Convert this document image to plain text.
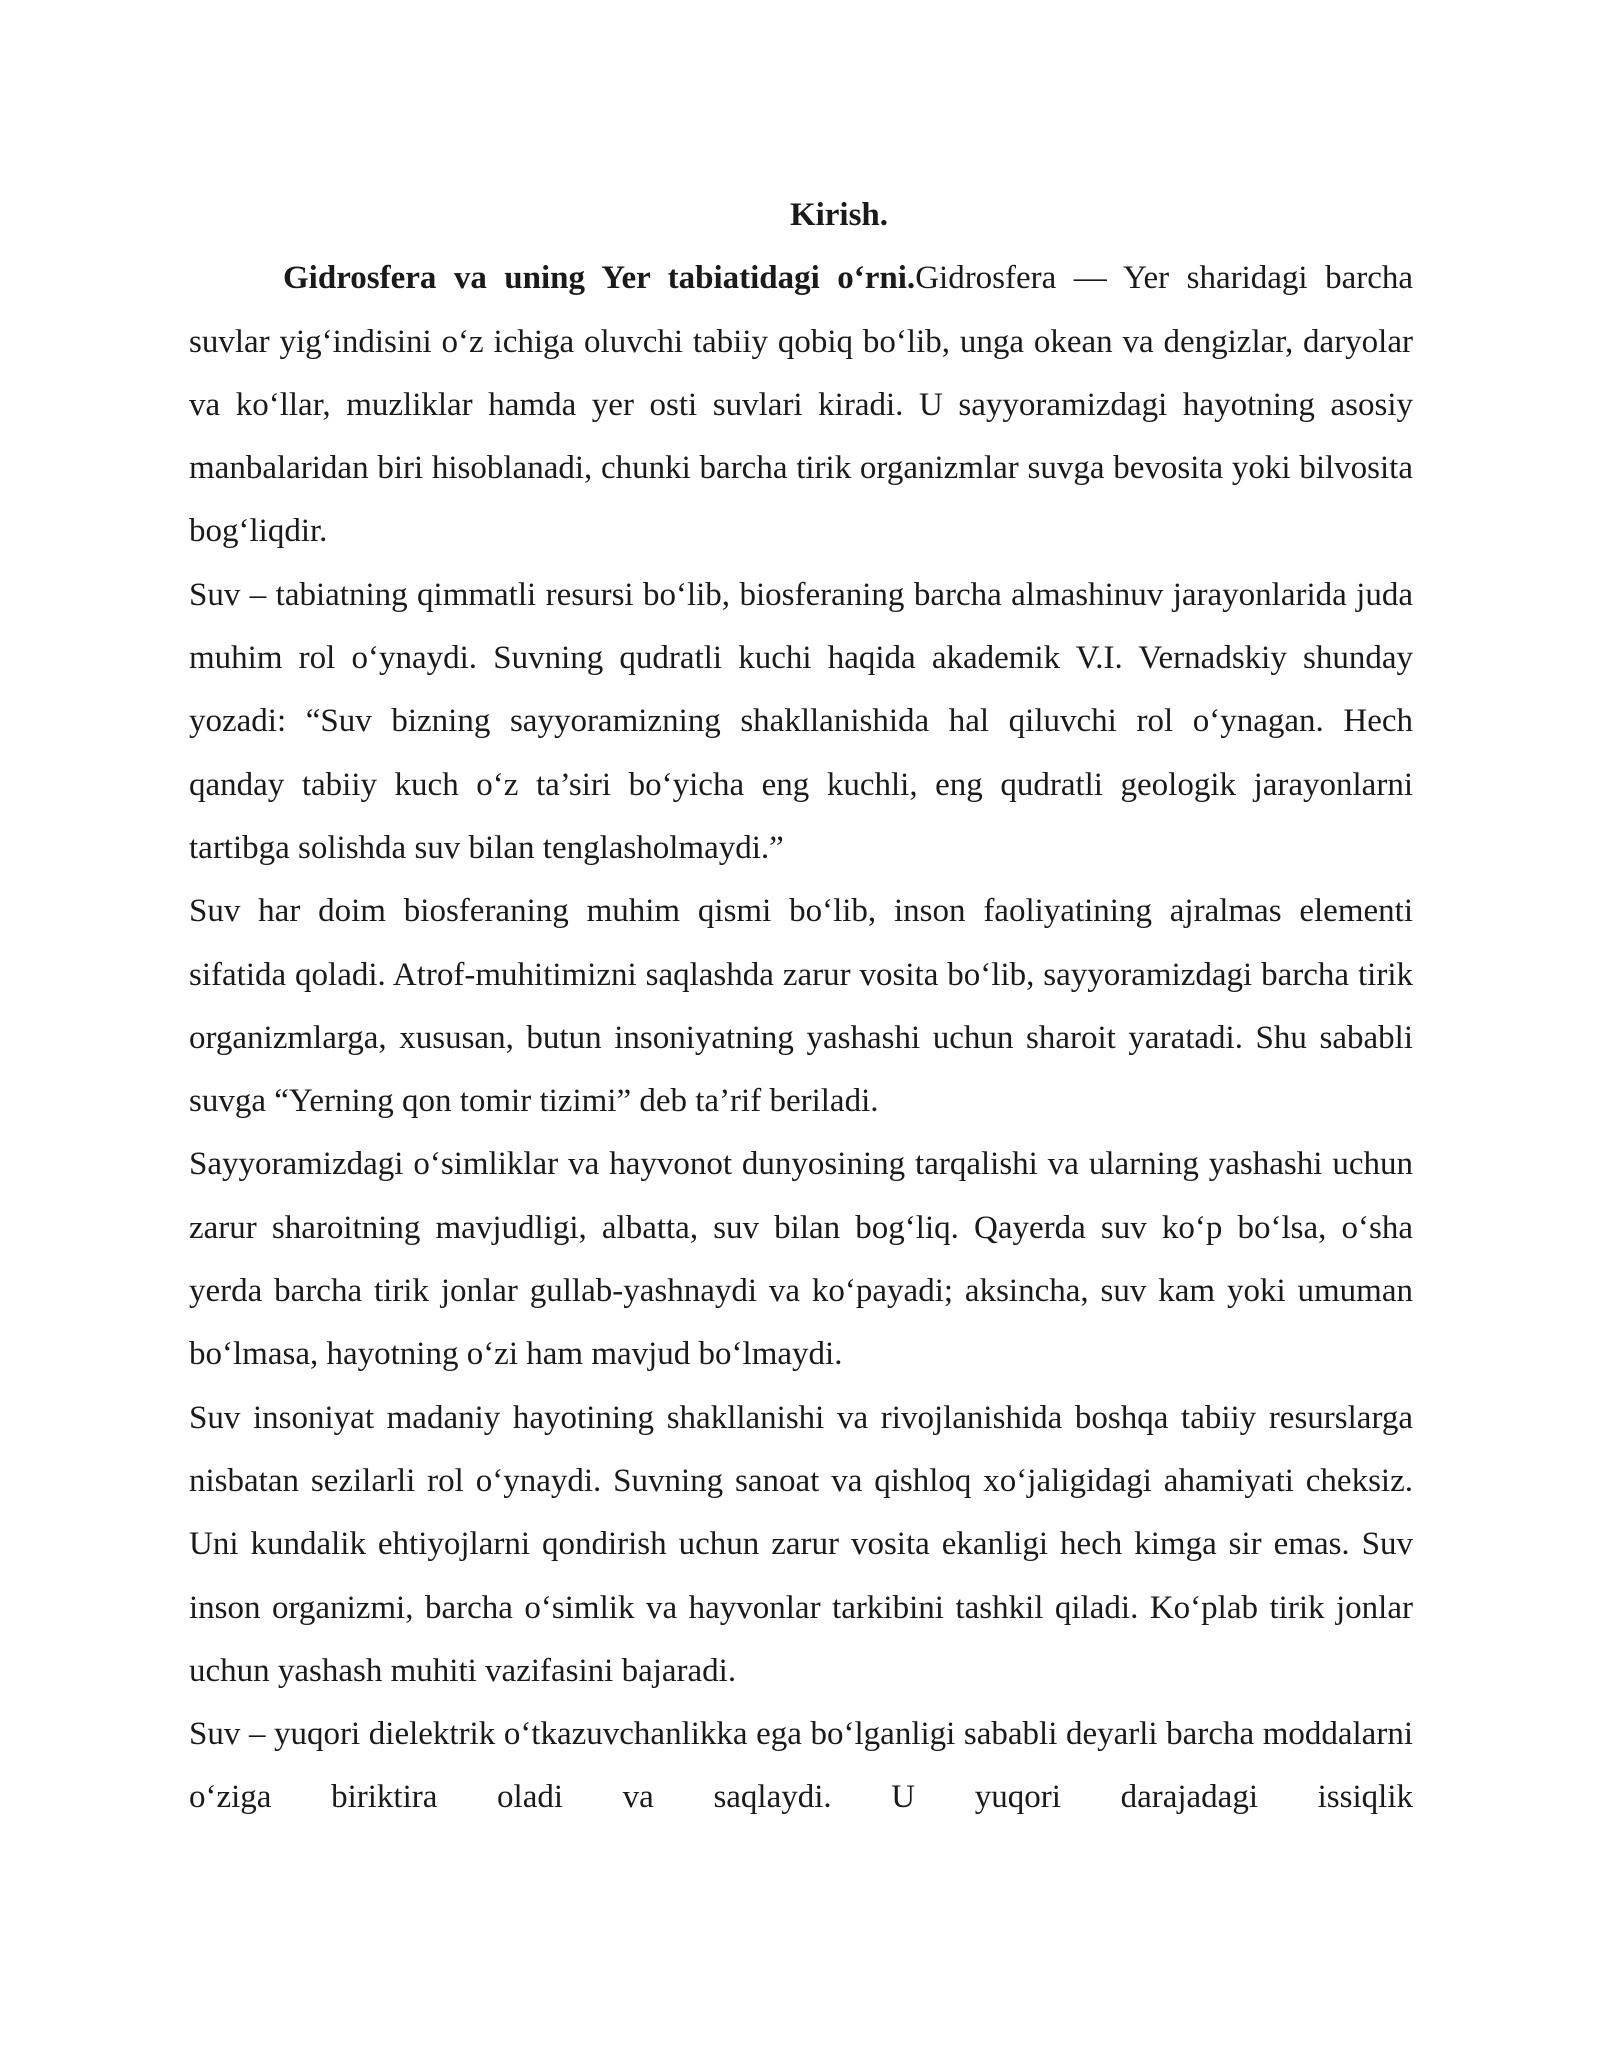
Kirish.

Gidrosfera va uning Yer tabiatidagi o‘rni.Gidrosfera — Yer sharidagi barcha suvlar yig‘indisini o‘z ichiga oluvchi tabiiy qobiq bo‘lib, unga okean va dengizlar, daryolar va ko‘llar, muzliklar hamda yer osti suvlari kiradi. U sayyoramizdagi hayotning asosiy manbalaridan biri hisoblanadi, chunki barcha tirik organizmlar suvga bevosita yoki bilvosita bog‘liqdir.

Suv – tabiatning qimmatli resursi bo‘lib, biosferaning barcha almashinuv jarayonlarida juda muhim rol o‘ynaydi. Suvning qudratli kuchi haqida akademik V.I. Vernadskiy shunday yozadi: “Suv bizning sayyoramizning shakllanishida hal qiluvchi rol o‘ynagan. Hech qanday tabiiy kuch o‘z ta’siri bo‘yicha eng kuchli, eng qudratli geologik jarayonlarni tartibga solishda suv bilan tenglasholmaydi.”

Suv har doim biosferaning muhim qismi bo‘lib, inson faoliyatining ajralmas elementi sifatida qoladi. Atrof-muhitimizni saqlashda zarur vosita bo‘lib, sayyoramizdagi barcha tirik organizmlarga, xususan, butun insoniyatning yashashi uchun sharoit yaratadi. Shu sababli suvga “Yerning qon tomir tizimi” deb ta’rif beriladi.

Sayyoramizdagi o‘simliklar va hayvonot dunyosining tarqalishi va ularning yashashi uchun zarur sharoitning mavjudligi, albatta, suv bilan bog‘liq. Qayerda suv ko‘p bo‘lsa, o‘sha yerda barcha tirik jonlar gullab-yashnaydi va ko‘payadi; aksincha, suv kam yoki umuman bo‘lmasa, hayotning o‘zi ham mavjud bo‘lmaydi.

Suv insoniyat madaniy hayotining shakllanishi va rivojlanishida boshqa tabiiy resurslarga nisbatan sezilarli rol o‘ynaydi. Suvning sanoat va qishloq xo‘jaligidagi ahamiyati cheksiz. Uni kundalik ehtiyojlarni qondirish uchun zarur vosita ekanligi hech kimga sir emas. Suv inson organizmi, barcha o‘simlik va hayvonlar tarkibini tashkil qiladi. Ko‘plab tirik jonlar uchun yashash muhiti vazifasini bajaradi.

Suv – yuqori dielektrik o‘tkazuvchanlikka ega bo‘lganligi sababli deyarli barcha moddalarni o‘ziga biriktira oladi va saqlaydi. U yuqori darajadagi issiqlik
